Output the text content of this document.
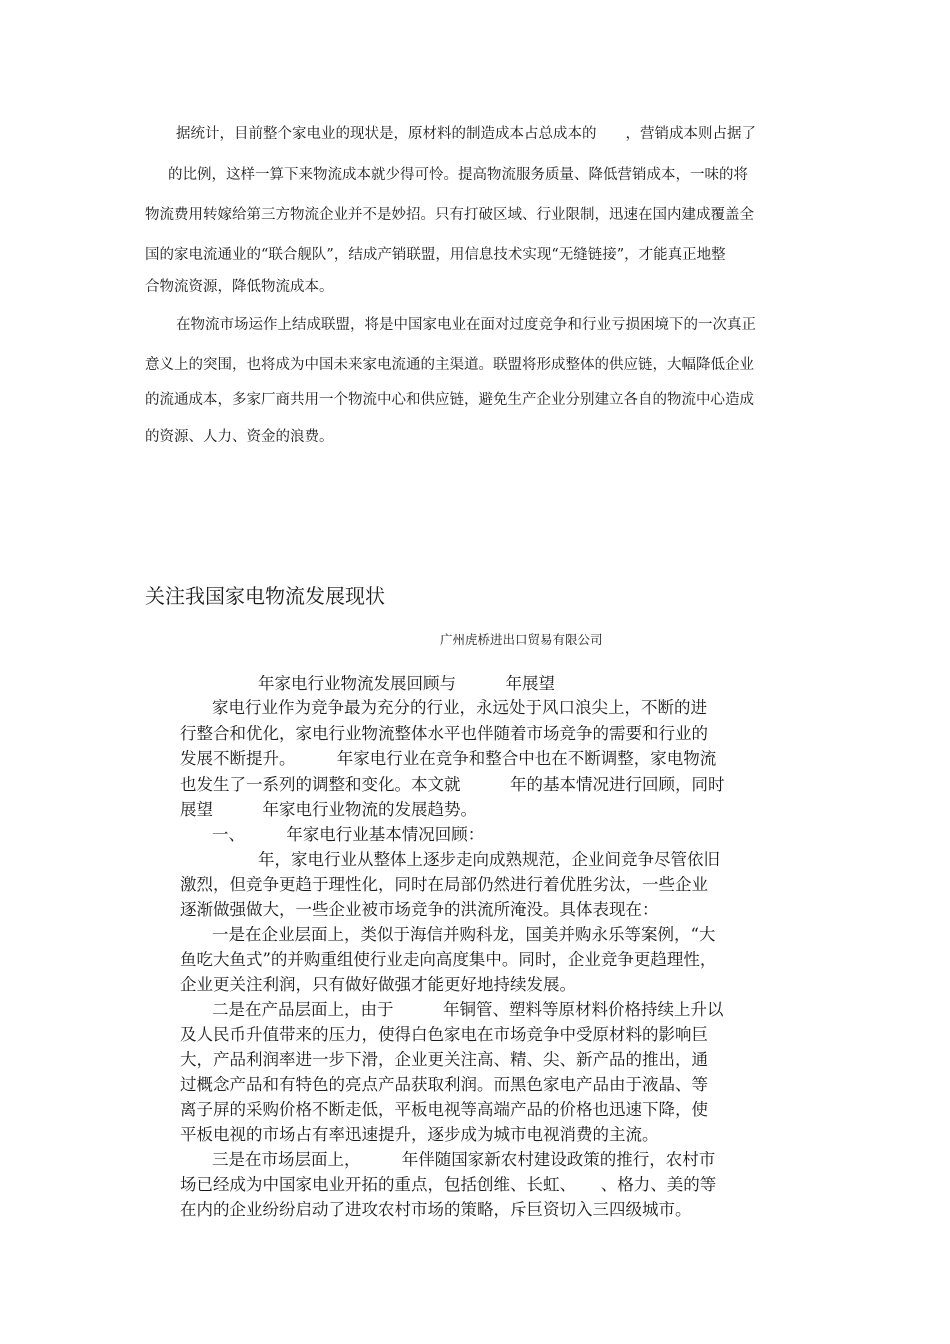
据统计，目前整个家电业的现状是，原材料的制造成本占总成本的　　，营销成本则占据了

的比例，这样一算下来物流成本就少得可怜。提高物流服务质量、降低营销成本，一味的将

物流费用转嫁给第三方物流企业并不是妙招。只有打破区域、行业限制，迅速在国内建成覆盖全

国的家电流通业的“联合舰队”，结成产销联盟，用信息技术实现“无缝链接”，才能真正地整

合物流资源，降低物流成本。

在物流市场运作上结成联盟，将是中国家电业在面对过度竞争和行业亏损困境下的一次真正

意义上的突围，也将成为中国未来家电流通的主渠道。联盟将形成整体的供应链，大幅降低企业

的流通成本，多家厂商共用一个物流中心和供应链，避免生产企业分别建立各自的物流中心造成

的资源、人力、资金的浪费。

关注我国家电物流发展现状

广州虎桥进出口贸易有限公司

年家电行业物流发展回顾与　　　年展望

家电行业作为竞争最为充分的行业，永远处于风口浪尖上，不断的进

行整合和优化，家电行业物流整体水平也伴随着市场竞争的需要和行业的

发展不断提升。　　　年家电行业在竞争和整合中也在不断调整，家电物流

也发生了一系列的调整和变化。本文就　　　年的基本情况进行回顾，同时

展望　　　年家电行业物流的发展趋势。

一、　　　年家电行业基本情况回顾：

年，家电行业从整体上逐步走向成熟规范，企业间竞争尽管依旧

激烈，但竞争更趋于理性化，同时在局部仍然进行着优胜劣汰，一些企业

逐渐做强做大，一些企业被市场竞争的洪流所淹没。具体表现在：

一是在企业层面上，类似于海信并购科龙，国美并购永乐等案例，“大

鱼吃大鱼式”的并购重组使行业走向高度集中。同时，企业竞争更趋理性，

企业更关注利润，只有做好做强才能更好地持续发展。

二是在产品层面上，由于　　　年铜管、塑料等原材料价格持续上升以

及人民币升值带来的压力，使得白色家电在市场竞争中受原材料的影响巨

大，产品利润率进一步下滑，企业更关注高、精、尖、新产品的推出，通

过概念产品和有特色的亮点产品获取利润。而黑色家电产品由于液晶、等

离子屏的采购价格不断走低，平板电视等高端产品的价格也迅速下降，使

平板电视的市场占有率迅速提升，逐步成为城市电视消费的主流。

三是在市场层面上，　　　年伴随国家新农村建设政策的推行，农村市

场已经成为中国家电业开拓的重点，包括创维、长虹、　　、格力、美的等

在内的企业纷纷启动了进攻农村市场的策略，斥巨资切入三四级城市。
